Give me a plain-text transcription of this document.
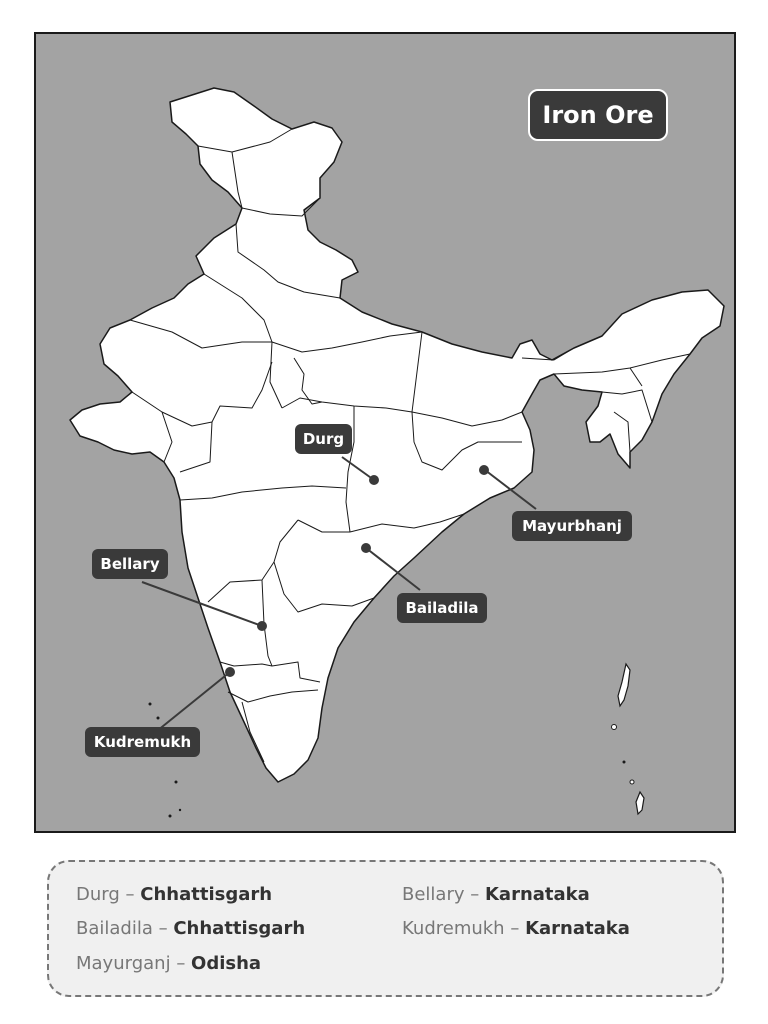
Iron Ore
Durg
Mayurbhanj
Bailadila
Bellary
Kudremukh
Durg – Chhattisgarh	Bellary – Karnataka
Bailadila – Chhattisgarh	Kudremukh – Karnataka
Mayurganj – Odisha
